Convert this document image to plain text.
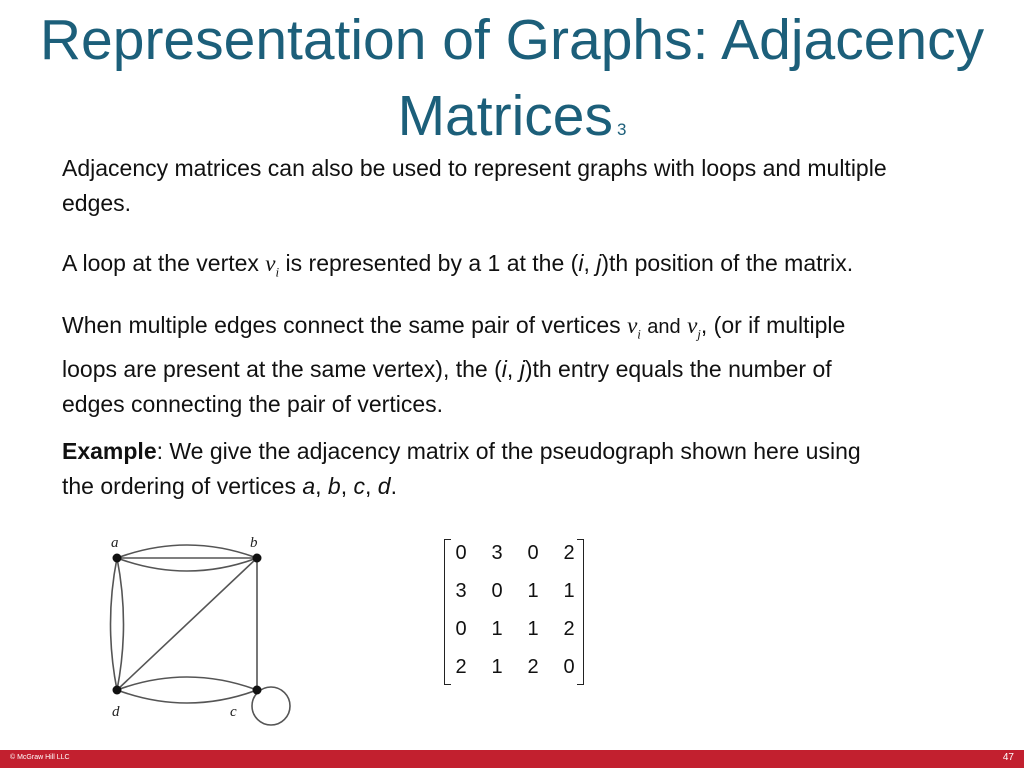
Representation of Graphs: Adjacency Matrices 3
Adjacency matrices can also be used to represent graphs with loops and multiple edges.
A loop at the vertex $v_i$ is represented by a 1 at the (i, j)th position of the matrix.
When multiple edges connect the same pair of vertices $v_i$ and $v_j$, (or if multiple
loops are present at the same vertex), the (i, j)th entry equals the number of
edges connecting the pair of vertices.
Example: We give the adjacency matrix of the pseudograph shown here using
the ordering of vertices a, b, c, d.
a	b
c
d
0 3 0 2
3 0 1 1
0 1 1 2
2 1 2 0
© McGraw Hill LLC	47
